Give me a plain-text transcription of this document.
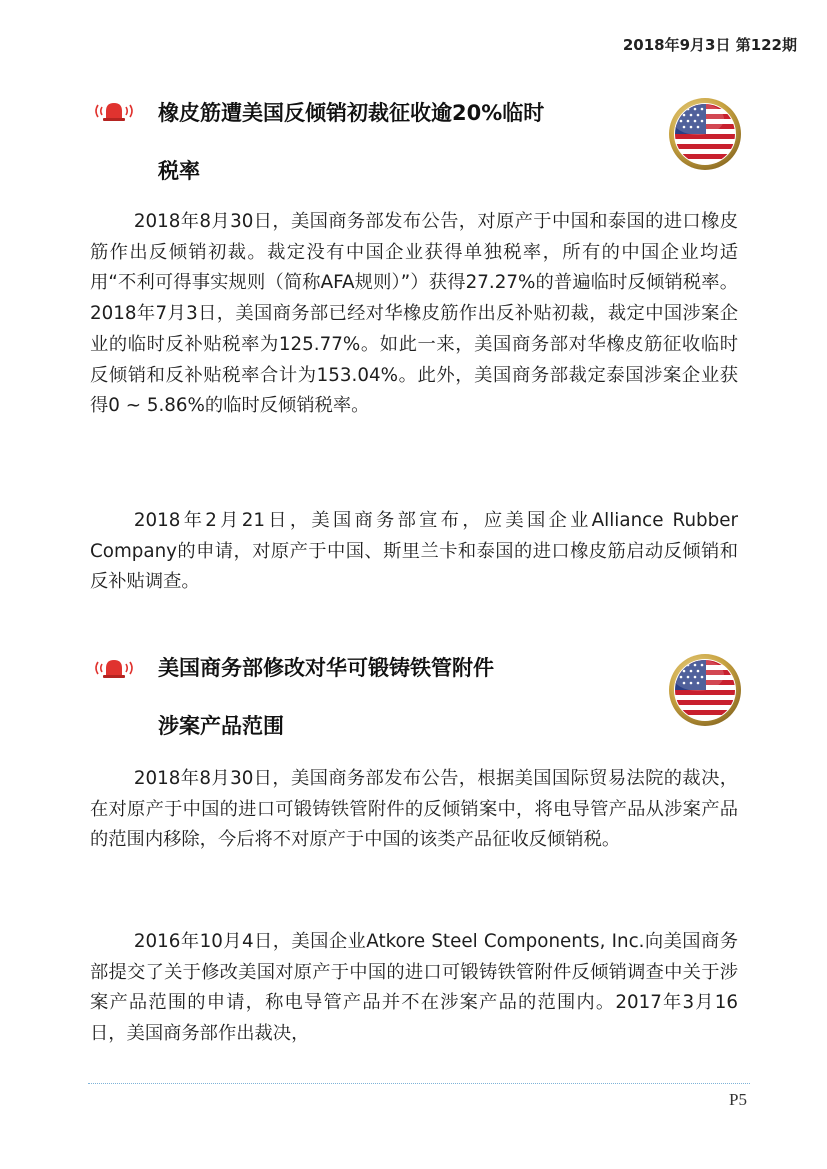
2018年9月3日 第122期
橡皮筋遭美国反倾销初裁征收逾20%临时
税率

2018年8月30日，美国商务部发布公告，对原产于中国和泰国的进口橡皮筋作出反倾销初裁。裁定没有中国企业获得单独税率，所有的中国企业均适用“不利可得事实规则（简称AFA规则）”）获得27.27%的普遍临时反倾销税率。2018年7月3日，美国商务部已经对华橡皮筋作出反补贴初裁，裁定中国涉案企业的临时反补贴税率为125.77%。如此一来，美国商务部对华橡皮筋征收临时反倾销和反补贴税率合计为153.04%。此外，美国商务部裁定泰国涉案企业获得0 ~ 5.86%的临时反倾销税率。

2018年2月21日，美国商务部宣布，应美国企业Alliance Rubber Company的申请，对原产于中国、斯里兰卡和泰国的进口橡皮筋启动反倾销和反补贴调查。

美国商务部修改对华可锻铸铁管附件
涉案产品范围

2018年8月30日，美国商务部发布公告，根据美国国际贸易法院的裁决，在对原产于中国的进口可锻铸铁管附件的反倾销案中，将电导管产品从涉案产品的范围内移除，今后将不对原产于中国的该类产品征收反倾销税。

2016年10月4日，美国企业Atkore Steel Components, Inc.向美国商务部提交了关于修改美国对原产于中国的进口可锻铸铁管附件反倾销调查中关于涉案产品范围的申请，称电导管产品并不在涉案产品的范围内。2017年3月16日，美国商务部作出裁决，

P5
